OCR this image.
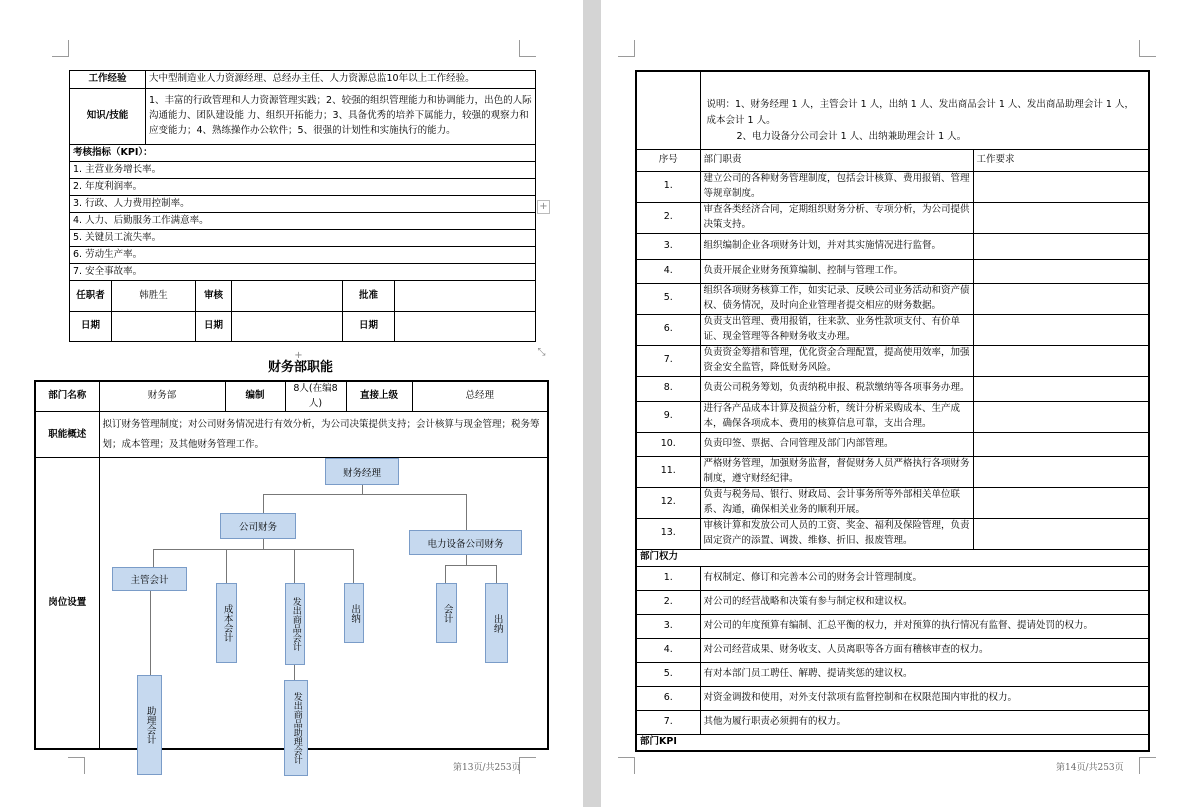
工作经验		大中型制造业人力资源经理、总经办主任、人力资源总监10年以上工作经验。				
知识/技能		1、丰富的行政管理和人力资源管理实践；2、较强的组织管理能力和协调能力，出色的人际沟通能力、团队建设能 力、组织开拓能力；3、具备优秀的培养下属能力，较强的观察力和应变能力；4、熟练操作办公软件；5、很强的计划性和实施执行的能力。				
考核指标（KPI）：						
1. 主营业务增长率。						
2. 年度利润率。						
3. 行政、人力费用控制率。						
4. 人力、后勤服务工作满意率。						
5. 关键员工流失率。						
6. 劳动生产率。						
7. 安全事故率。						
任职者	韩胜生		审核		批准	
日期			日期		日期	
+
⤡
+
财务部职能
部门名称	财务部	编制	8人(在编8人)	直接上级	总经理
职能概述	拟订财务管理制度；对公司财务情况进行有效分析，为公司决策提供支持；会计核算与现金管理；税务筹划；成本管理；及其他财务管理工作。				
岗位设置					
财务经理
公司财务
电力设备公司财务
主管会计
成本会计	发出商品会计	出纳	会计
出纳
助理会计	发出商品助理会计
第13页/共253页

	说明：1、财务经理 1 人，主管会计 1 人，出纳 1 人、发出商品会计 1 人、发出商品助理会计 1 人，成本会计 1 人。
2、电力设备分公司会计 1 人、出纳兼助理会计 1 人。	

序号	部门职责	工作要求
1.	建立公司的各种财务管理制度，包括会计核算、费用报销、管理等规章制度。	
2.	审查各类经济合同，定期组织财务分析、专项分析，为公司提供决策支持。	
3.	组织编制企业各项财务计划，并对其实施情况进行监督。	
4.	负责开展企业财务预算编制、控制与管理工作。	
5.	组织各项财务核算工作，如实记录、反映公司业务活动和资产债权、债务情况，及时向企业管理者提交相应的财务数据。	
6.	负责支出管理、费用报销，往来款、业务性款项支付、有价单证、现金管理等各种财务收支办理。	
7.	负责资金筹措和管理，优化资金合理配置，提高使用效率，加强资金安全监管，降低财务风险。	
8.	负责公司税务筹划，负责纳税申报、税款缴纳等各项事务办理。	
9.	进行各产品成本计算及损益分析，统计分析采购成本、生产成本，确保各项成本、费用的核算信息可靠，支出合理。	
10.	负责印签、票据、合同管理及部门内部管理。	
11.	严格财务管理，加强财务监督，督促财务人员严格执行各项财务制度，遵守财经纪律。	
12.	负责与税务局、银行、财政局、会计事务所等外部相关单位联系、沟通，确保相关业务的顺利开展。	
13.	审核计算和发放公司人员的工资、奖金、福利及保险管理，负责固定资产的添置、调拨、维修、折旧、报废管理。	
部门权力		
1.	有权制定、修订和完善本公司的财务会计管理制度。	
2.	对公司的经营战略和决策有参与制定权和建议权。	
3.	对公司的年度预算有编制、汇总平衡的权力，并对预算的执行情况有监督、提请处罚的权力。	
4.	对公司经营成果、财务收支、人员离职等各方面有稽核审查的权力。	
5.	有对本部门员工聘任、解聘、提请奖惩的建议权。	
6.	对资金调拨和使用，对外支付款项有监督控制和在权限范围内审批的权力。	
7.	其他为履行职责必须拥有的权力。	
部门KPI		
第14页/共253页
